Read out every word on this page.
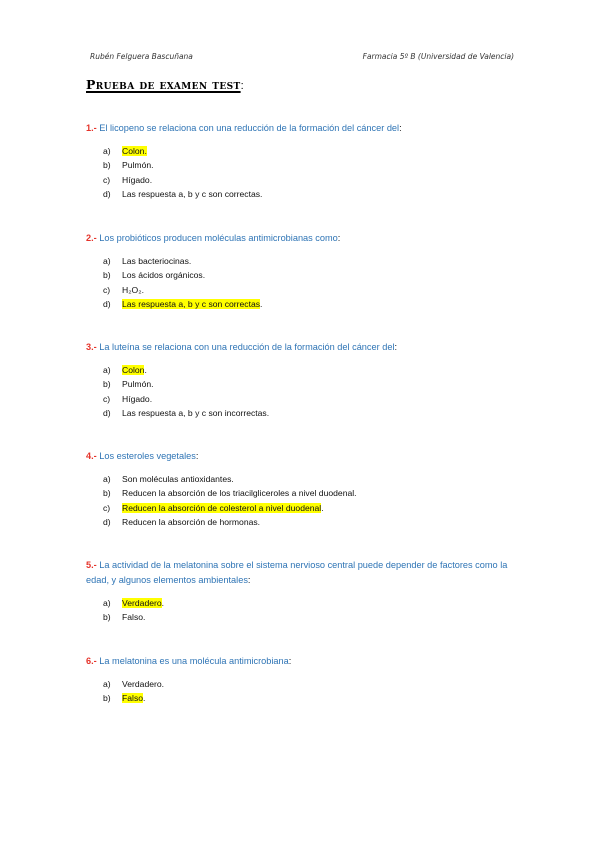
Rubén Felguera Bascuñana	Farmacia 5º B (Universidad de Valencia)
Prueba de examen test:
1.- El licopeno se relaciona con una reducción de la formación del cáncer del:
a) Colon.
b) Pulmón.
c) Hígado.
d) Las respuesta a, b y c son correctas.
2.- Los probióticos producen moléculas antimicrobianas como:
a) Las bacteriocinas.
b) Los ácidos orgánicos.
c) H₂O₂.
d) Las respuesta a, b y c son correctas.
3.- La luteína se relaciona con una reducción de la formación del cáncer del:
a) Colon.
b) Pulmón.
c) Hígado.
d) Las respuesta a, b y c son incorrectas.
4.- Los esteroles vegetales:
a) Son moléculas antioxidantes.
b) Reducen la absorción de los triacilgliceroles a nivel duodenal.
c) Reducen la absorción de colesterol a nivel duodenal.
d) Reducen la absorción de hormonas.
5.- La actividad de la melatonina sobre el sistema nervioso central puede depender de factores como la edad, y algunos elementos ambientales:
a) Verdadero.
b) Falso.
6.- La melatonina es una molécula antimicrobiana:
a) Verdadero.
b) Falso.
